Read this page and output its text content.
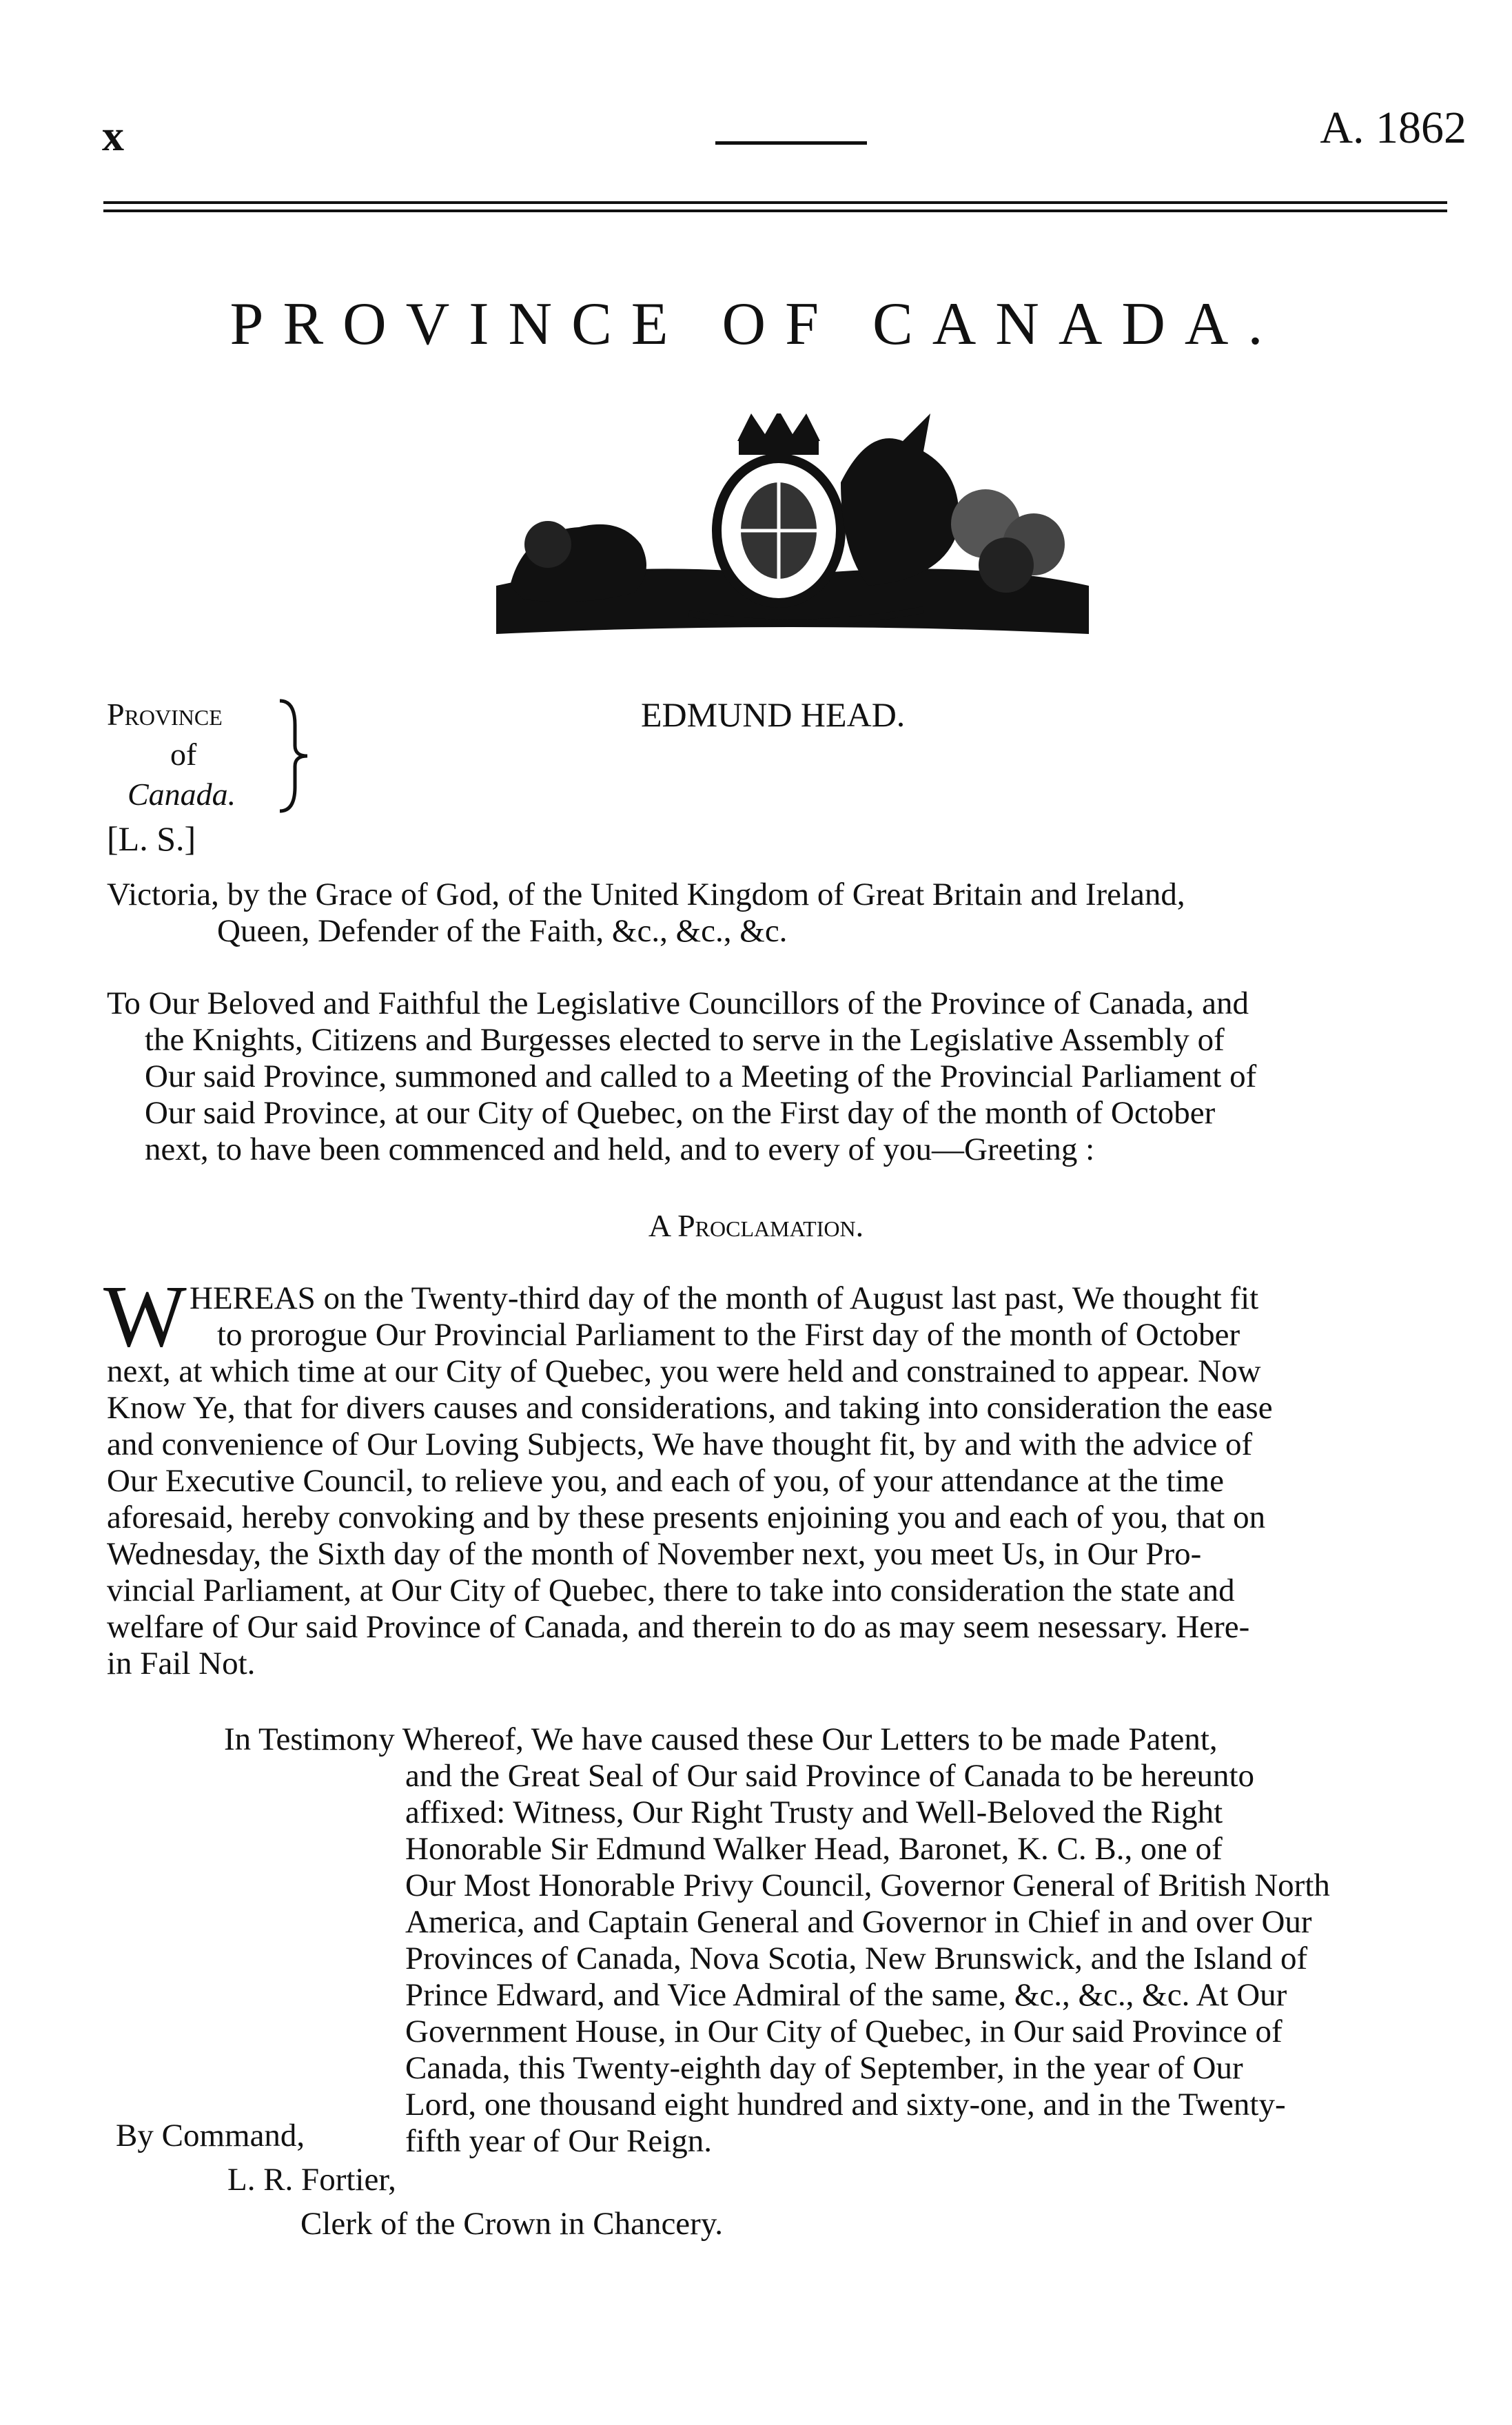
x	A. 1862
PROVINCE OF CANADA.
Province
of
Canada.
[L. S.]
EDMUND HEAD.
Victoria, by the Grace of God, of the United Kingdom of Great Britain and Ireland,
Queen, Defender of the Faith, &c., &c., &c.
To Our Beloved and Faithful the Legislative Councillors of the Province of Canada, and
the Knights, Citizens and Burgesses elected to serve in the Legislative Assembly of
Our said Province, summoned and called to a Meeting of the Provincial Parliament of
Our said Province, at our City of Quebec, on the First day of the month of October
next, to have been commenced and held, and to every of you—Greeting :
A Proclamation.
W HEREAS on the Twenty-third day of the month of August last past, We thought fit
to prorogue Our Provincial Parliament to the First day of the month of October
next, at which time at our City of Quebec, you were held and constrained to appear. Now
Know Ye, that for divers causes and considerations, and taking into consideration the ease
and convenience of Our Loving Subjects, We have thought fit, by and with the advice of
Our Executive Council, to relieve you, and each of you, of your attendance at the time
aforesaid, hereby convoking and by these presents enjoining you and each of you, that on
Wednesday, the Sixth day of the month of November next, you meet Us, in Our Pro-
vincial Parliament, at Our City of Quebec, there to take into consideration the state and
welfare of Our said Province of Canada, and therein to do as may seem nesessary. Here-
in Fail Not.
In Testimony Whereof, We have caused these Our Letters to be made Patent,
and the Great Seal of Our said Province of Canada to be hereunto
affixed: Witness, Our Right Trusty and Well-Beloved the Right
Honorable Sir Edmund Walker Head, Baronet, K. C. B., one of
Our Most Honorable Privy Council, Governor General of British North
America, and Captain General and Governor in Chief in and over Our
Provinces of Canada, Nova Scotia, New Brunswick, and the Island of
Prince Edward, and Vice Admiral of the same, &c., &c., &c. At Our
Government House, in Our City of Quebec, in Our said Province of
Canada, this Twenty-eighth day of September, in the year of Our
Lord, one thousand eight hundred and sixty-one, and in the Twenty-
fifth year of Our Reign.
By Command,
L. R. Fortier,
Clerk of the Crown in Chancery.
